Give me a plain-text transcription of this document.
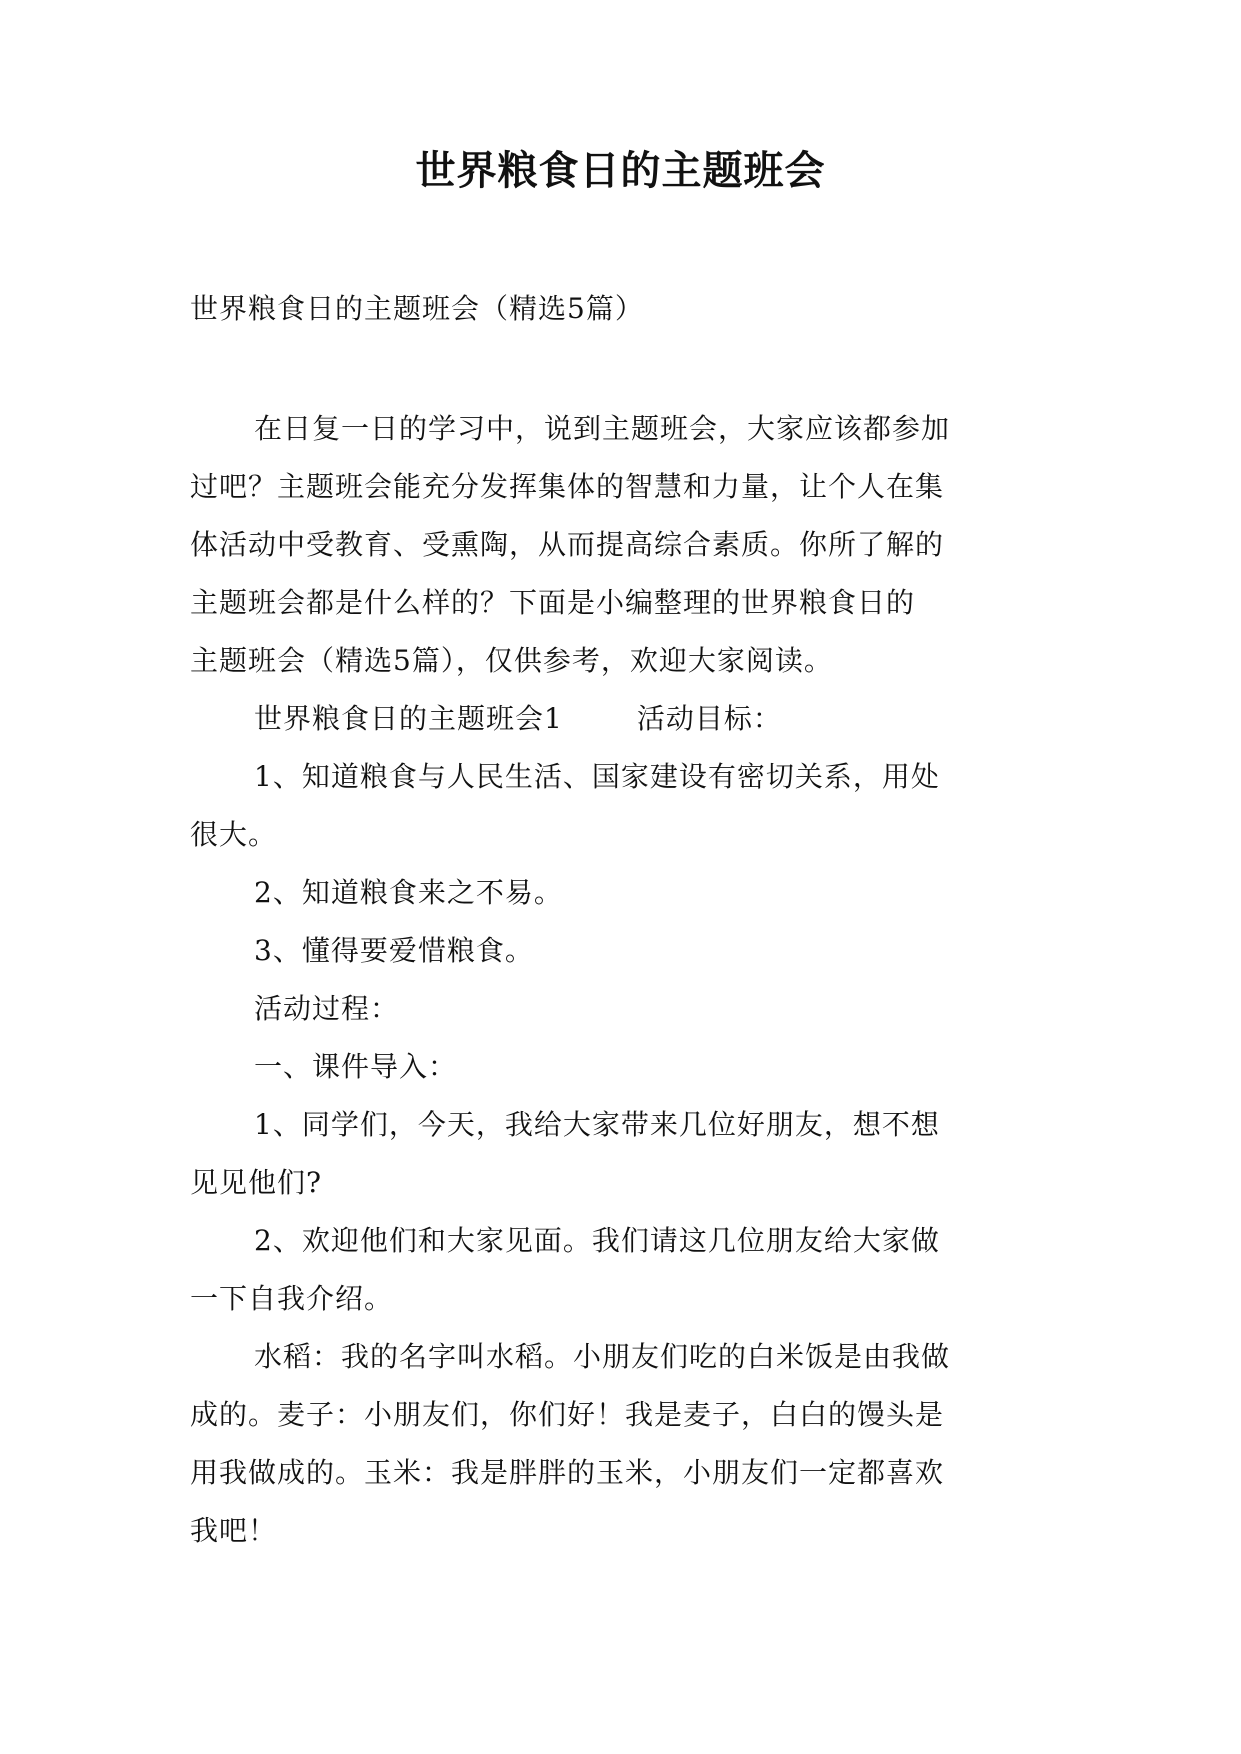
世界粮食日的主题班会
世界粮食日的主题班会（精选5篇）
在日复一日的学习中，说到主题班会，大家应该都参加
过吧？主题班会能充分发挥集体的智慧和力量，让个人在集
体活动中受教育、受熏陶，从而提高综合素质。你所了解的
主题班会都是什么样的？下面是小编整理的世界粮食日的
主题班会（精选5篇），仅供参考，欢迎大家阅读。
世界粮食日的主题班会1	活动目标：
1、知道粮食与人民生活、国家建设有密切关系，用处
很大。
2、知道粮食来之不易。
3、懂得要爱惜粮食。
活动过程：
一、课件导入：
1、同学们，今天，我给大家带来几位好朋友，想不想
见见他们?
2、欢迎他们和大家见面。我们请这几位朋友给大家做
一下自我介绍。
水稻：我的名字叫水稻。小朋友们吃的白米饭是由我做
成的。麦子：小朋友们，你们好！我是麦子，白白的馒头是
用我做成的。玉米：我是胖胖的玉米，小朋友们一定都喜欢
我吧！
